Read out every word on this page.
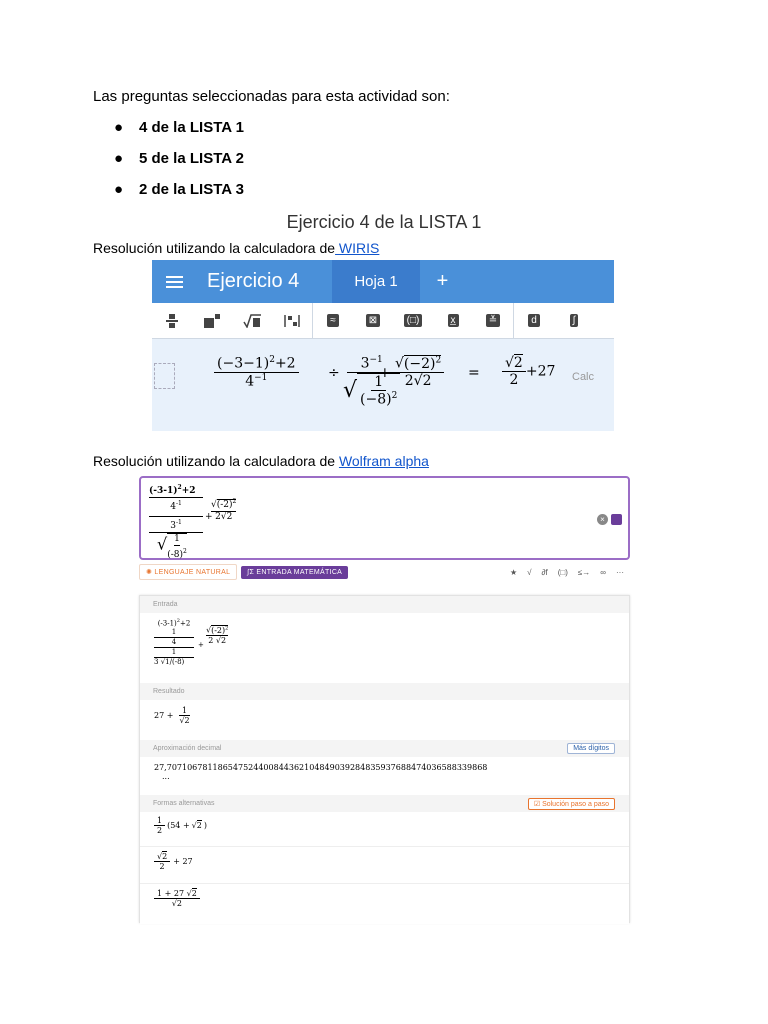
Las preguntas seleccionadas para esta actividad son:
●	4 de la LISTA 1
●	5 de la LISTA 2
●	2 de la LISTA 3
Ejercicio 4 de la LISTA 1
Resolución utilizando la calculadora de WIRIS
Ejercicio 4	Hoja 1	+
≈	⊠	(□)	x̲	≚	d	∫
$\frac{(-3-1)^2+2}{4^{-1}} \div \frac{3^{-1}}{√ \frac{1}{(-8)^2}}$
+ $\frac{√(-2)^2}{2√2} = \frac{√2}{2} +27$ Calc
Resolución utilizando la calculadora de Wolfram alpha
$(-3-1)^2+2$
$4^{-1}$
$3^{-1}$
√ $\frac{1}{(-8)^2}$
+
$√(-2)^2$
2√2	×
✺ LENGUAJE NATURAL	∫Σ ENTRADA MATEMÁTICA	★ √ ∂f (□) ≤→ ∞ ···
Entrada
$(-3-1)^2+2$
1
4
1
3 √1/(-8)
+
$√(-2)^2$
2 √2
Resultado
$27 + \frac{1}{√2}$
Aproximación decimal	Más dígitos
27,707106781186547524400844362104849039284835937688474036588339868
...
Formas alternativas	☑ Solución paso a paso
$\frac{1}{2} (54 + √2$ )
$\frac{√2}{2} + 27$
$\frac{1 + 27 √2}{√2}$
